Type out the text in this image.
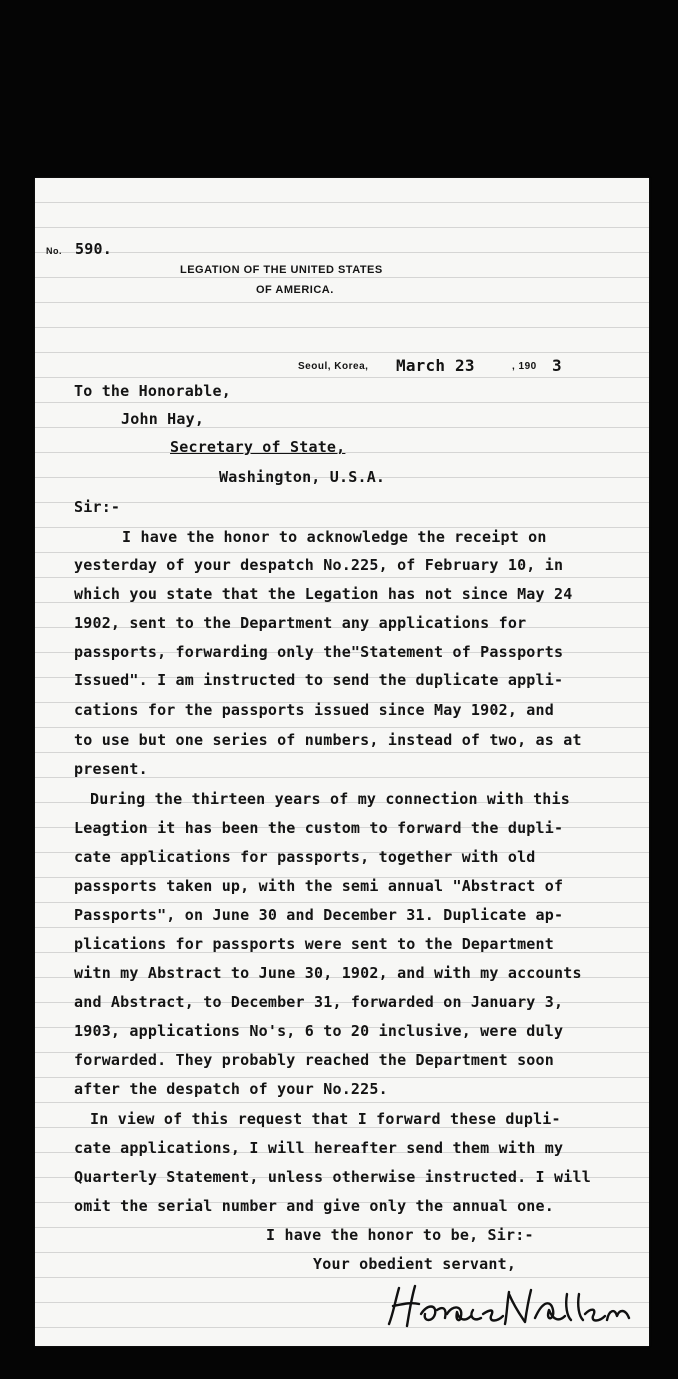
No. 590.
LEGATION OF THE UNITED STATES
OF AMERICA.
Seoul, Korea, March 23	, 190 3
To the Honorable,
John Hay,
Secretary of State,
Washington, U.S.A.
Sir:-
I have the honor to acknowledge the receipt on
yesterday of your despatch No.225, of February 10, in
which you state that the Legation has not since May 24
1902, sent to the Department any applications for
passports, forwarding only the"Statement of Passports
Issued". I am instructed to send the duplicate appli-
cations for the passports issued since May 1902, and
to use but one series of numbers, instead of two, as at
present.
During the thirteen years of my connection with this
Leagtion it has been the custom to forward the dupli-
cate applications for passports, together with old
passports taken up, with the semi annual "Abstract of
Passports", on June 30 and December 31. Duplicate ap-
plications for passports were sent to the Department
witn my Abstract to June 30, 1902, and with my accounts
and Abstract, to December 31, forwarded on January 3,
1903, applications No's, 6 to 20 inclusive, were duly
forwarded. They probably reached the Department soon
after the despatch of your No.225.
In view of this request that I forward these dupli-
cate applications, I will hereafter send them with my
Quarterly Statement, unless otherwise instructed. I will
omit the serial number and give only the annual one.
I have the honor to be, Sir:-
Your obedient servant,
